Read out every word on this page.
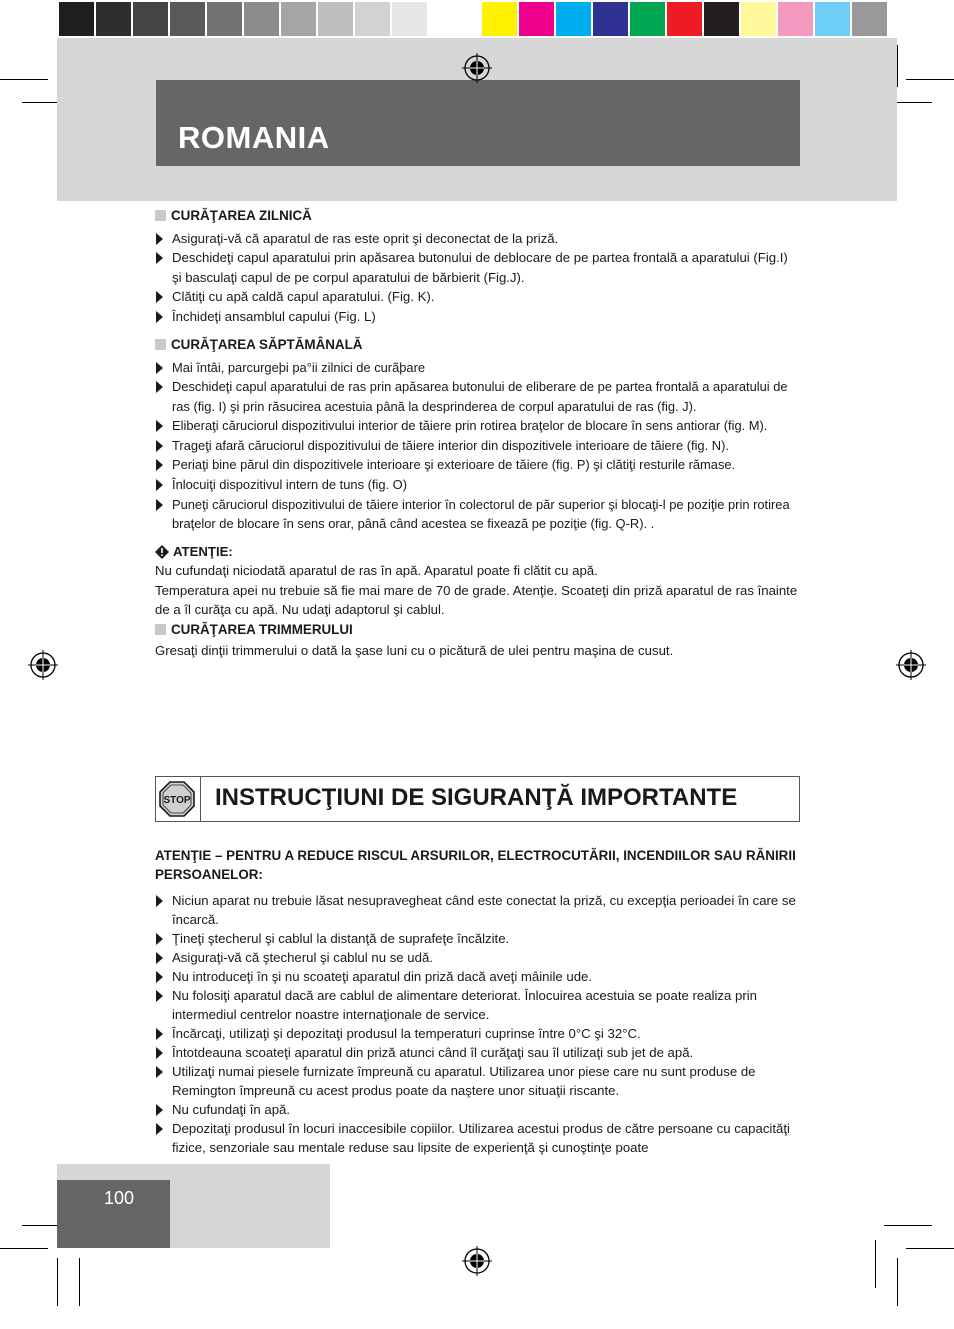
ROMANIA
CURĂŢAREA ZILNICĂ
Asiguraţi-vă că aparatul de ras este oprit şi deconectat de la priză.
Deschideţi capul aparatului prin apăsarea butonului de deblocare de pe partea frontală a aparatului (Fig.I) şi basculaţi capul de pe corpul aparatului de bărbierit (Fig.J).
Clătiţi cu apă caldă capul aparatului. (Fig. K).
Închideţi ansamblul capului (Fig. L)
CURĂŢAREA SĂPTĂMÂNALĂ
Mai întâi, parcurgeþi pa°ii zilnici de curãþare
Deschideţi capul aparatului de ras prin apăsarea butonului de eliberare de pe partea frontală a aparatului de ras (fig. I) şi prin răsucirea acestuia până la desprinderea de corpul aparatului de ras (fig. J).
Eliberaţi căruciorul dispozitivului interior de tăiere prin rotirea braţelor de blocare în sens antiorar (fig. M).
Trageţi afară căruciorul dispozitivului de tăiere interior din dispozitivele interioare de tăiere (fig. N).
Periaţi bine părul din dispozitivele interioare şi exterioare de tăiere (fig. P) şi clătiţi resturile rămase.
Înlocuiţi dispozitivul intern de tuns (fig. O)
Puneţi căruciorul dispozitivului de tăiere interior în colectorul de păr superior şi blocaţi-l pe poziţie prin rotirea braţelor de blocare în sens orar, până când acestea se fixează pe poziţie (fig. Q-R). .
ATENŢIE:

Nu cufundaţi niciodată aparatul de ras în apă. Aparatul poate fi clătit cu apă.

Temperatura apei nu trebuie să fie mai mare de 70 de grade. Atenţie. Scoateţi din priză aparatul de ras înainte de a îl curăţa cu apă. Nu udaţi adaptorul şi cablul.

CURĂŢAREA TRIMMERULUI

Gresaţi dinţii trimmerului o dată la şase luni cu o picătură de ulei pentru maşina de cusut.

STOP INSTRUCŢIUNI DE SIGURANŢĂ IMPORTANTE
ATENŢIE – PENTRU A REDUCE RISCUL ARSURILOR, ELECTROCUTĂRII, INCENDIILOR SAU RĂNIRII PERSOANELOR:
Niciun aparat nu trebuie lăsat nesupravegheat când este conectat la priză, cu excepţia perioadei în care se încarcă.
Ţineţi ştecherul şi cablul la distanţă de suprafeţe încălzite.
Asiguraţi-vă că ştecherul şi cablul nu se udă.
Nu introduceţi în şi nu scoateţi aparatul din priză dacă aveţi mâinile ude.
Nu folosiţi aparatul dacă are cablul de alimentare deteriorat. Înlocuirea acestuia se poate realiza prin intermediul centrelor noastre internaţionale de service.
Încărcaţi, utilizaţi şi depozitaţi produsul la temperaturi cuprinse între 0°C şi 32°C.
Întotdeauna scoateţi aparatul din priză atunci când îl curăţaţi sau îl utilizaţi sub jet de apă.
Utilizaţi numai piesele furnizate împreună cu aparatul. Utilizarea unor piese care nu sunt produse de Remington împreună cu acest produs poate da naştere unor situaţii riscante.
Nu cufundaţi în apă.
Depozitaţi produsul în locuri inaccesibile copiilor. Utilizarea acestui produs de către persoane cu capacităţi fizice, senzoriale sau mentale reduse sau lipsite de experienţă şi cunoştinţe poate
100
